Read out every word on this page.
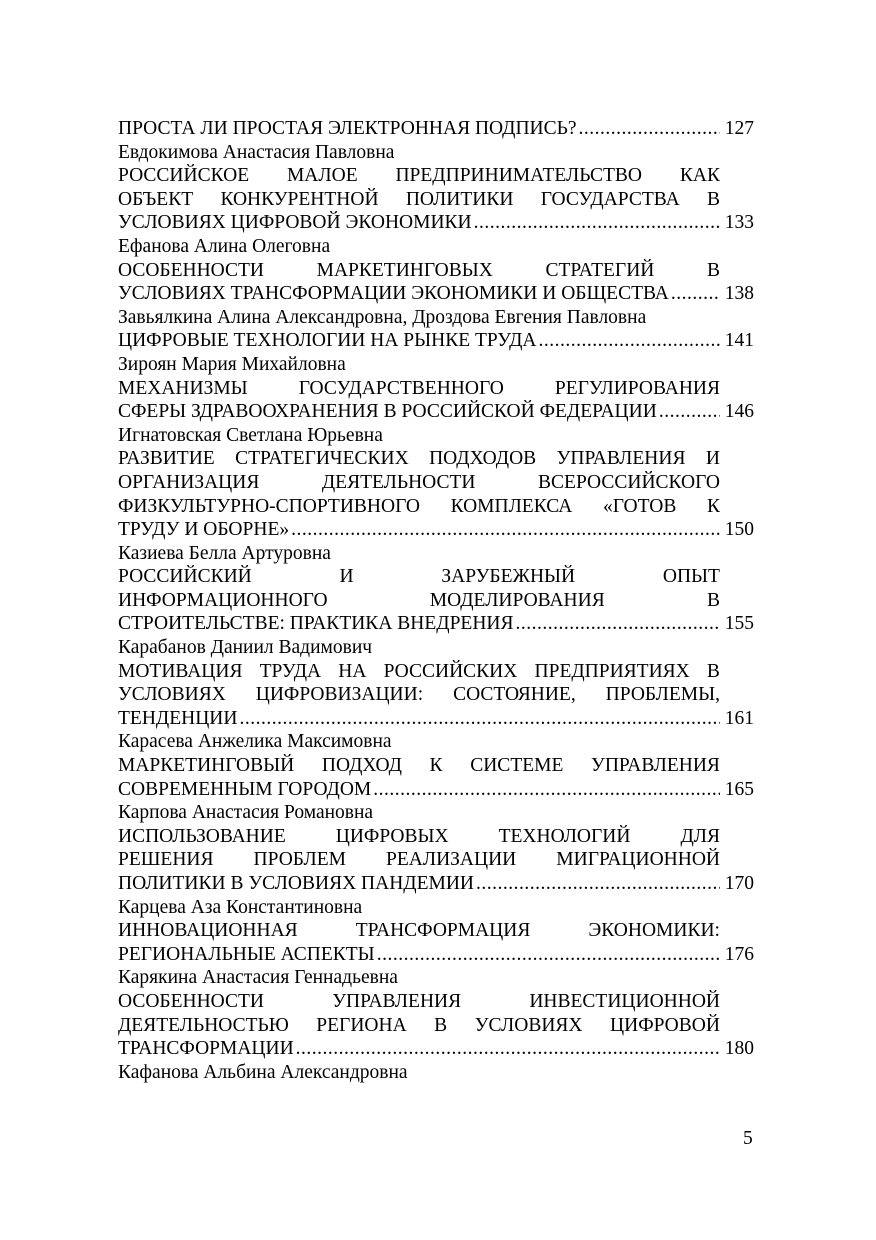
ПРОСТА ЛИ ПРОСТАЯ ЭЛЕКТРОННАЯ ПОДПИСЬ? .....	127
Евдокимова Анастасия Павловна
РОССИЙСКОЕ МАЛОЕ ПРЕДПРИНИМАТЕЛЬСТВО КАК
ОБЪЕКТ КОНКУРЕНТНОЙ ПОЛИТИКИ ГОСУДАРСТВА В
УСЛОВИЯХ ЦИФРОВОЙ ЭКОНОМИКИ .....	133
Ефанова Алина Олеговна
ОСОБЕННОСТИ	МАРКЕТИНГОВЫХ	СТРАТЕГИЙ	В
УСЛОВИЯХ ТРАНСФОРМАЦИИ ЭКОНОМИКИ И ОБЩЕСТВА .....	138
Завьялкина Алина Александровна, Дроздова Евгения Павловна
ЦИФРОВЫЕ ТЕХНОЛОГИИ НА РЫНКЕ ТРУДА .....	141
Зироян Мария Михайловна
МЕХАНИЗМЫ	ГОСУДАРСТВЕННОГО	РЕГУЛИРОВАНИЯ
СФЕРЫ ЗДРАВООХРАНЕНИЯ В РОССИЙСКОЙ ФЕДЕРАЦИИ .....	146
Игнатовская Светлана Юрьевна
РАЗВИТИЕ СТРАТЕГИЧЕСКИХ ПОДХОДОВ УПРАВЛЕНИЯ И
ОРГАНИЗАЦИЯ	ДЕЯТЕЛЬНОСТИ	ВСЕРОССИЙСКОГО
ФИЗКУЛЬТУРНО-СПОРТИВНОГО КОМПЛЕКСА «ГОТОВ К
ТРУДУ И ОБОРНЕ» .....	150
Казиева Белла Артуровна
РОССИЙСКИЙ	И	ЗАРУБЕЖНЫЙ	ОПЫТ
ИНФОРМАЦИОННОГО	МОДЕЛИРОВАНИЯ	В
СТРОИТЕЛЬСТВЕ: ПРАКТИКА ВНЕДРЕНИЯ .....	155
Карабанов Даниил Вадимович
МОТИВАЦИЯ ТРУДА НА РОССИЙСКИХ ПРЕДПРИЯТИЯХ В
УСЛОВИЯХ ЦИФРОВИЗАЦИИ: СОСТОЯНИЕ, ПРОБЛЕМЫ,
ТЕНДЕНЦИИ .....	161
Карасева Анжелика Максимовна
МАРКЕТИНГОВЫЙ ПОДХОД К СИСТЕМЕ УПРАВЛЕНИЯ
СОВРЕМЕННЫМ ГОРОДОМ .....	165
Карпова Анастасия Романовна
ИСПОЛЬЗОВАНИЕ	ЦИФРОВЫХ	ТЕХНОЛОГИЙ	ДЛЯ
РЕШЕНИЯ ПРОБЛЕМ РЕАЛИЗАЦИИ МИГРАЦИОННОЙ
ПОЛИТИКИ В УСЛОВИЯХ ПАНДЕМИИ .....	170
Карцева Аза Константиновна
ИННОВАЦИОННАЯ	ТРАНСФОРМАЦИЯ	ЭКОНОМИКИ:
РЕГИОНАЛЬНЫЕ АСПЕКТЫ .....	176
Карякина Анастасия Геннадьевна
ОСОБЕННОСТИ	УПРАВЛЕНИЯ	ИНВЕСТИЦИОННОЙ
ДЕЯТЕЛЬНОСТЬЮ РЕГИОНА В УСЛОВИЯХ ЦИФРОВОЙ
ТРАНСФОРМАЦИИ .....	180
Кафанова Альбина Александровна
5
